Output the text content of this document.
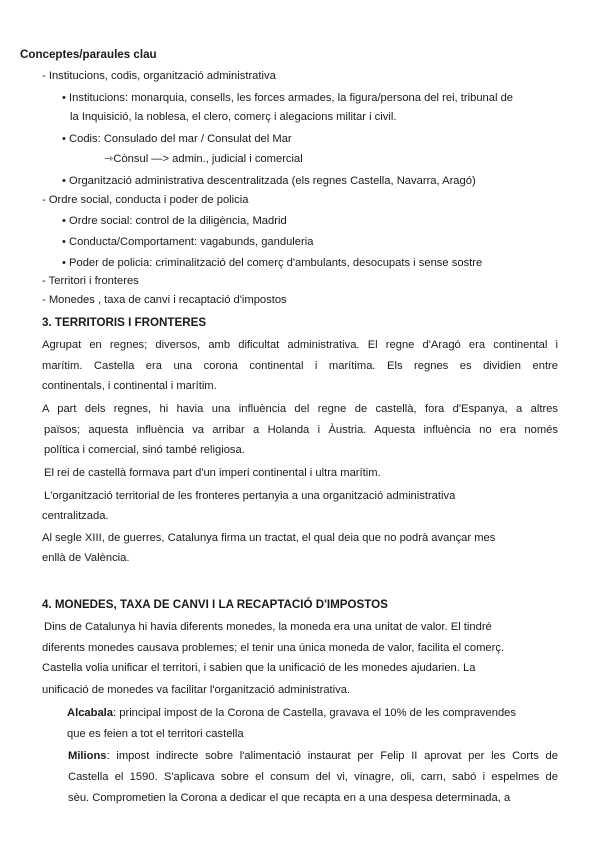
Conceptes/paraules clau
- Institucions, codis, organització administrativa
• Institucions: monarquia, consells, les forces armades, la figura/persona del rei, tribunal de
la Inquisició, la noblesa, el clero, comerç i alegacions militar i civil.
• Codis: Consulado del mar / Consulat del Mar
⇾Cònsul —> admin., judicial i comercial
• Organització administrativa descentralitzada (els regnes Castella, Navarra, Aragó)
- Ordre social, conducta i poder de policia
• Ordre social: control de la diligència, Madrid
• Conducta/Comportament: vagabunds, ganduleria
• Poder de policia: criminalització del comerç d'ambulants, desocupats i sense sostre
- Territori i fronteres
- Monedes , taxa de canvi i recaptació d'impostos
3. TERRITORIS I FRONTERES
Agrupat en regnes; diversos, amb dificultat administrativa. El regne d'Aragó era continental i
marítim. Castella era una corona continental i marítima. Els regnes es dividien entre
continentals, i continental i marítim.
A part dels regnes, hi havia una influència del regne de castellà, fora d'Espanya, a altres
països; aquesta influència va arribar a Holanda i Àustria. Aquesta influència no era només
política i comercial, sinó també religiosa.
El rei de castellà formava part d'un imperi continental i ultra marítim.
L'organització territorial de les fronteres pertanyia a una organització administrativa
centralitzada.
Al segle XIII, de guerres, Catalunya firma un tractat, el qual deia que no podrà avançar mes
enllà de València.
4. MONEDES, TAXA DE CANVI I LA RECAPTACIÓ D'IMPOSTOS
Dins de Catalunya hi havia diferents monedes, la moneda era una unitat de valor. El tindré
diferents monedes causava problemes; el tenir una única moneda de valor, facilita el comerç.
Castella volia unificar el territori, i sabien que la unificació de les monedes ajudarien. La
unificació de monedes va facilitar l'organització administrativa.
Alcabala: principal impost de la Corona de Castella, gravava el 10% de les compravendes
que es feien a tot el territori castella
Milions: impost indirecte sobre l'alimentació instaurat per Felip II aprovat per les Corts de
Castella el 1590. S'aplicava sobre el consum del vi, vinagre, oli, carn, sabó i espelmes de
sèu. Comprometien la Corona a dedicar el que recapta en a una despesa determinada, a
